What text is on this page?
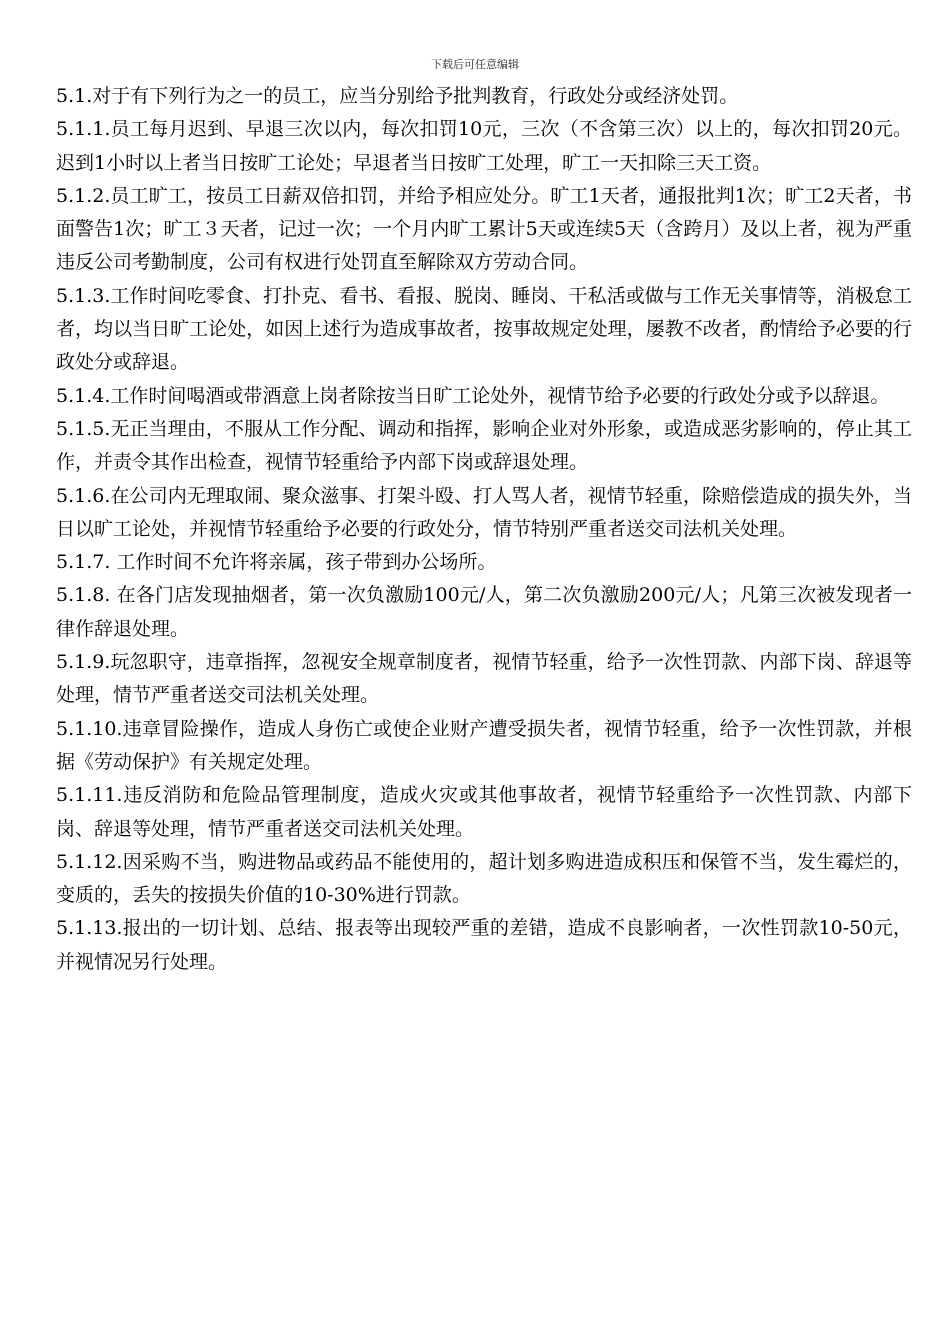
下载后可任意编辑

5.1.对于有下列行为之一的员工，应当分别给予批判教育，行政处分或经济处罚。

5.1.1.员工每月迟到、早退三次以内，每次扣罚10元，三次（不含第三次）以上的，每次扣罚20元。迟到1小时以上者当日按旷工论处；早退者当日按旷工处理，旷工一天扣除三天工资。

5.1.2.员工旷工，按员工日薪双倍扣罚，并给予相应处分。旷工1天者，通报批判1次；旷工2天者，书面警告1次；旷工３天者，记过一次；一个月内旷工累计5天或连续5天（含跨月）及以上者，视为严重违反公司考勤制度，公司有权进行处罚直至解除双方劳动合同。

5.1.3.工作时间吃零食、打扑克、看书、看报、脱岗、睡岗、干私活或做与工作无关事情等，消极怠工者，均以当日旷工论处，如因上述行为造成事故者，按事故规定处理，屡教不改者，酌情给予必要的行政处分或辞退。

5.1.4.工作时间喝酒或带酒意上岗者除按当日旷工论处外，视情节给予必要的行政处分或予以辞退。

5.1.5.无正当理由，不服从工作分配、调动和指挥，影响企业对外形象，或造成恶劣影响的，停止其工作，并责令其作出检查，视情节轻重给予内部下岗或辞退处理。

5.1.6.在公司内无理取闹、聚众滋事、打架斗殴、打人骂人者，视情节轻重，除赔偿造成的损失外，当日以旷工论处，并视情节轻重给予必要的行政处分，情节特别严重者送交司法机关处理。

5.1.7. 工作时间不允许将亲属，孩子带到办公场所。

5.1.8. 在各门店发现抽烟者，第一次负激励100元/人，第二次负激励200元/人；凡第三次被发现者一律作辞退处理。

5.1.9.玩忽职守，违章指挥，忽视安全规章制度者，视情节轻重，给予一次性罚款、内部下岗、辞退等处理，情节严重者送交司法机关处理。

5.1.10.违章冒险操作，造成人身伤亡或使企业财产遭受损失者，视情节轻重，给予一次性罚款，并根据《劳动保护》有关规定处理。

5.1.11.违反消防和危险品管理制度，造成火灾或其他事故者，视情节轻重给予一次性罚款、内部下岗、辞退等处理，情节严重者送交司法机关处理。

5.1.12.因采购不当，购进物品或药品不能使用的，超计划多购进造成积压和保管不当，发生霉烂的，变质的，丢失的按损失价值的10-30%进行罚款。

5.1.13.报出的一切计划、总结、报表等出现较严重的差错，造成不良影响者，一次性罚款10-50元，并视情况另行处理。
